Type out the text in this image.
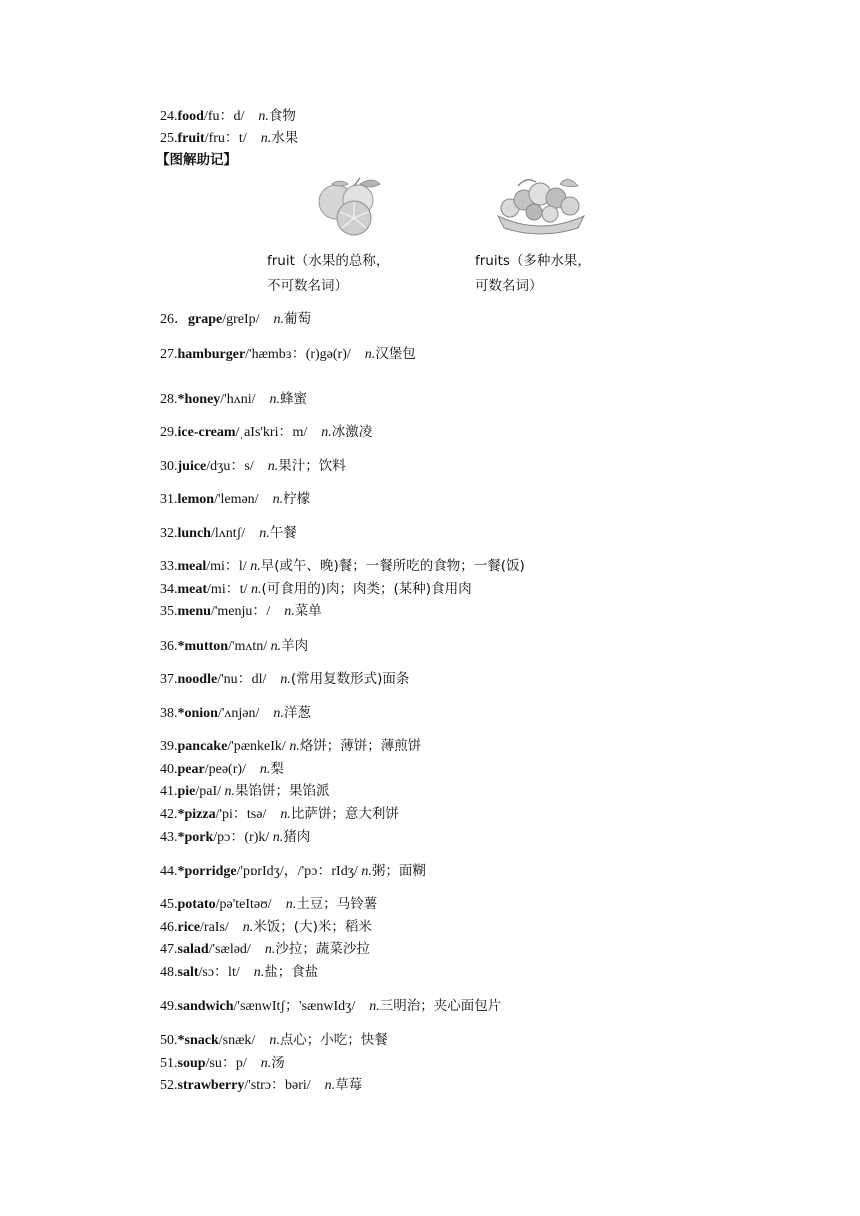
24.food/fu：d/ n.食物
25.fruit/fru：t/ n.水果
【图解助记】
fruit（水果的总称，
不可数名词）
fruits（多种水果，
可数名词）
26．grape/greIp/ n.葡萄
27.hamburger/'hæmbɜ：(r)gə(r)/ n.汉堡包
28.*honey/'hʌni/ n.蜂蜜
29.ice-cream/ˌaIs'kri：m/ n.冰激凌
30.juice/dʒu：s/ n.果汁；饮料
31.lemon/'lemən/ n.柠檬
32.lunch/lʌntʃ/ n.午餐
33.meal/mi：l/ n.早(或午、晚)餐；一餐所吃的食物；一餐(饭)
34.meat/mi：t/ n.(可食用的)肉；肉类；(某种)食用肉
35.menu/'menju：/ n.菜单
36.*mutton/'mʌtn/ n.羊肉
37.noodle/'nu：dl/ n.(常用复数形式)面条
38.*onion/'ʌnjən/ n.洋葱
39.pancake/'pænkeIk/ n.烙饼；薄饼；薄煎饼
40.pear/peə(r)/ n.梨
41.pie/paI/ n.果馅饼；果馅派
42.*pizza/'pi：tsə/ n.比萨饼；意大利饼
43.*pork/pɔ：(r)k/ n.猪肉
44.*porridge/'pɒrIdʒ/，/'pɔ：rIdʒ/ n.粥；面糊
45.potato/pə'teItəʊ/ n.土豆；马铃薯
46.rice/raIs/ n.米饭；(大)米；稻米
47.salad/'sæləd/ n.沙拉；蔬菜沙拉
48.salt/sɔ：lt/ n.盐；食盐
49.sandwich/'sænwItʃ；'sænwIdʒ/ n.三明治；夹心面包片
50.*snack/snæk/ n.点心；小吃；快餐
51.soup/su：p/ n.汤
52.strawberry/'strɔ：bəri/ n.草莓
